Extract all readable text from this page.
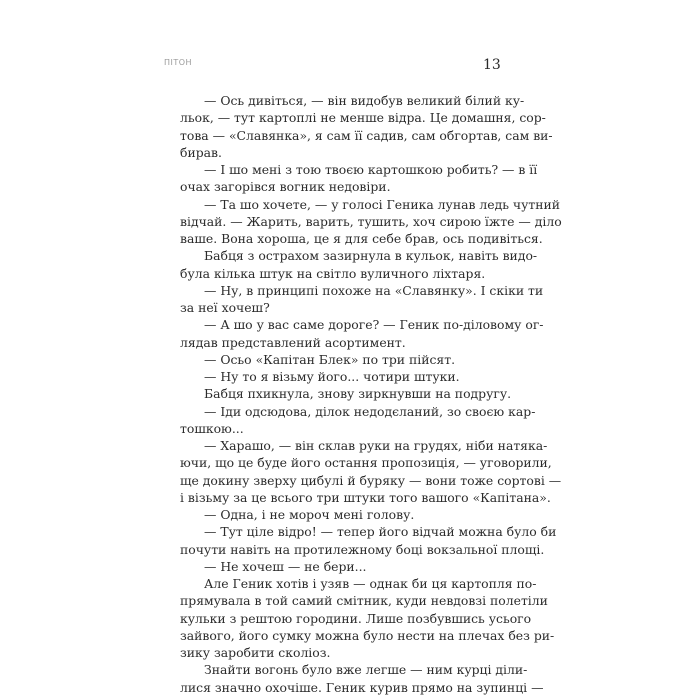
ПІТОН	13
— Ось дивіться, — він видобув великий білий ку-
льок, — тут картоплі не менше відра. Це домашня, сор-
това — «Славянка», я сам її садив, сам обгортав, сам ви-
бирав.
— І шо мені з тою твоєю картошкою робить? — в її
очах загорівся вогник недовіри.
— Та шо хочете, — у голосі Геника лунав ледь чутний
відчай. — Жарить, варить, тушить, хоч сирою їжте — діло
ваше. Вона хороша, це я для себе брав, ось подивіться.
Бабця з острахом зазирнула в кульок, навіть видо-
була кілька штук на світло вуличного ліхтаря.
— Ну, в принципі похоже на «Славянку». І скіки ти
за неї хочеш?
— А шо у вас саме дороге? — Геник по-діловому ог-
лядав представлений асортимент.
— Осьо «Капітан Блек» по три пійсят.
— Ну то я візьму його... чотири штуки.
Бабця пхикнула, знову зиркнувши на подругу.
— Іди одсюдова, ділок недодєланий, зо своєю кар-
тошкою...
— Харашо, — він склав руки на грудях, ніби натяка-
ючи, що це буде його остання пропозиція, — уговорили,
ще докину зверху цибулі й буряку — вони тоже сортові —
і візьму за це всього три штуки того вашого «Капітана».
— Одна, і не мороч мені голову.
— Тут ціле відро! — тепер його відчай можна було би
почути навіть на протилежному боці вокзальної площі.
— Не хочеш — не бери...
Але Геник хотів і узяв — однак би ця картопля по-
прямувала в той самий смітник, куди невдовзі полетіли
кульки з рештою городини. Лише позбувшись усього
зайвого, його сумку можна було нести на плечах без ри-
зику заробити сколіоз.
Знайти вогонь було вже легше — ним курці діли-
лися значно охочіше. Геник курив прямо на зупинці —
